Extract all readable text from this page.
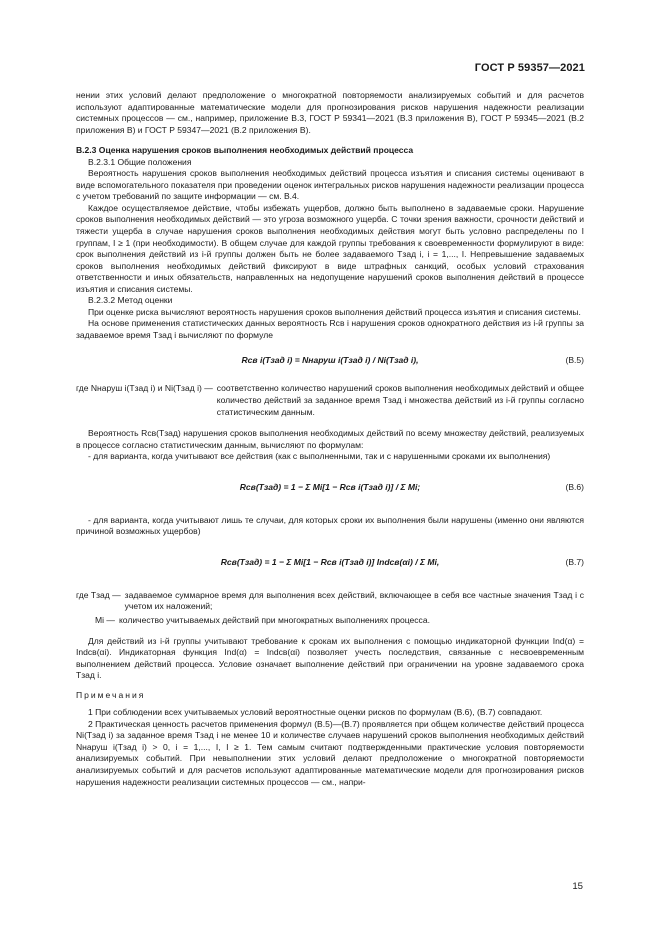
ГОСТ Р 59357—2021

нении этих условий делают предположение о многократной повторяемости анализируемых событий и для расчетов используют адаптированные математические модели для прогнозирования рисков нарушения надежности реализации системных процессов — см., например, приложение В.3, ГОСТ Р 59341—2021 (В.3 приложения В), ГОСТ Р 59345—2021 (В.2 приложения В) и ГОСТ Р 59347—2021 (В.2 приложения В).

В.2.3 Оценка нарушения сроков выполнения необходимых действий процесса

В.2.3.1 Общие положения

Вероятность нарушения сроков выполнения необходимых действий процесса изъятия и списания системы оценивают в виде вспомогательного показателя при проведении оценок интегральных рисков нарушения надежности реализации процесса с учетом требований по защите информации — см. В.4.

Каждое осуществляемое действие, чтобы избежать ущербов, должно быть выполнено в задаваемые сроки. Нарушение сроков выполнения необходимых действий — это угроза возможного ущерба. С точки зрения важности, срочности действий и тяжести ущерба в случае нарушения сроков выполнения необходимых действия могут быть условно распределены по I группам, I ≥ 1 (при необходимости). В общем случае для каждой группы требования к своевременности формулируют в виде: срок выполнения действий из i-й группы должен быть не более задаваемого Tзад i, i = 1,..., I. Непревышение задаваемых сроков выполнения необходимых действий фиксируют в виде штрафных санкций, особых условий страхования ответственности и иных обязательств, направленных на недопущение нарушений сроков выполнения действий в процессе изъятия и списания системы.

В.2.3.2 Метод оценки

При оценке риска вычисляют вероятность нарушения сроков выполнения действий процесса изъятия и списания системы.

На основе применения статистических данных вероятность Rсв i нарушения сроков однократного действия из i-й группы за задаваемое время Tзад i вычисляют по формуле

Rсв i(Tзад i) = Nнаруш i(Tзад i) / Ni(Tзад i),	(В.5)
где Nнаруш i(Tзад i) и Ni(Tзад i) — соответственно количество нарушений сроков выполнения необходимых действий и общее количество действий за заданное время Tзад i множества действий из i-й группы согласно статистическим данным.

Вероятность Rсв(Tзад) нарушения сроков выполнения необходимых действий по всему множеству действий, реализуемых в процессе согласно статистическим данным, вычисляют по формулам:

- для варианта, когда учитывают все действия (как с выполненными, так и с нарушенными сроками их выполнения)

Rсв(Tзад) = 1 − Σ Mi[1 − Rсв i(Tзад i)] / Σ Mi;	(В.6)

- для варианта, когда учитывают лишь те случаи, для которых сроки их выполнения были нарушены (именно они являются причиной возможных ущербов)

Rсв(Tзад) = 1 − Σ Mi[1 − Rсв i(Tзад i)] Indсв(αi) / Σ Mi,	(В.7)
где Tзад — задаваемое суммарное время для выполнения всех действий, включающее в себя все частные значения Tзад i с учетом их наложений;
Mi — количество учитываемых действий при многократных выполнениях процесса.

Для действий из i-й группы учитывают требование к срокам их выполнения с помощью индикаторной функции Ind(α) = Indсв(αi). Индикаторная функция Ind(α) = Indсв(αi) позволяет учесть последствия, связанные с несвоевременным выполнением действий процесса. Условие означает выполнение действий при ограничении на уровне задаваемого срока Tзад i.

Примечания

1 При соблюдении всех учитываемых условий вероятностные оценки рисков по формулам (В.6), (В.7) совпадают.

2 Практическая ценность расчетов применения формул (В.5)—(В.7) проявляется при общем количестве действий процесса Ni(Tзад i) за заданное время Tзад i не менее 10 и количестве случаев нарушений сроков выполнения необходимых действий Nнаруш i(Tзад i) > 0, i = 1,..., I, I ≥ 1. Тем самым считают подтвержденными практические условия повторяемости анализируемых событий. При невыполнении этих условий делают предположение о многократной повторяемости анализируемых событий и для расчетов используют адаптированные математические модели для прогнозирования рисков нарушения надежности реализации системных процессов — см., напри-

15
